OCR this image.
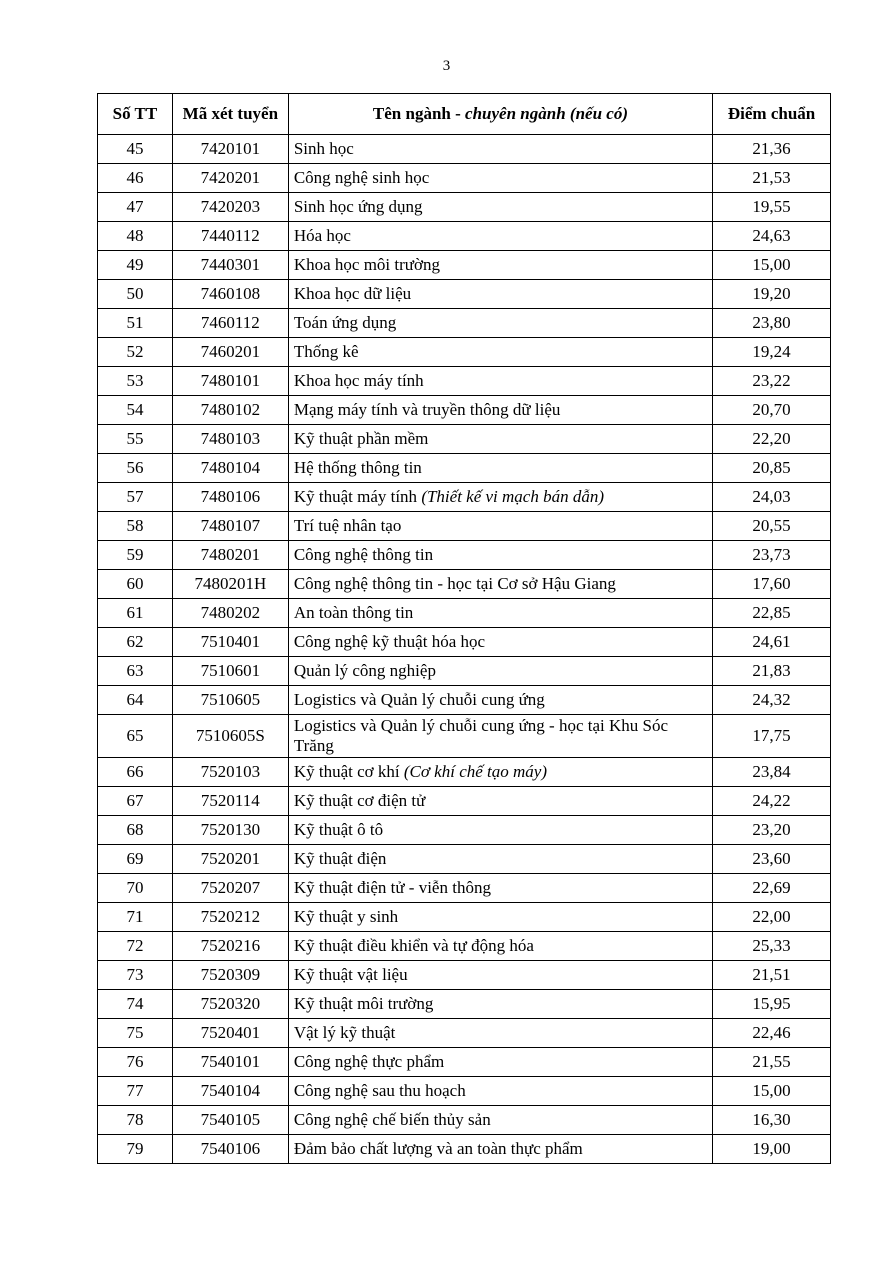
3
Số TT	Mã xét tuyển	Tên ngành - chuyên ngành (nếu có)	Điểm chuẩn
45	7420101	Sinh học	21,36
46	7420201	Công nghệ sinh học	21,53
47	7420203	Sinh học ứng dụng	19,55
48	7440112	Hóa học	24,63
49	7440301	Khoa học môi trường	15,00
50	7460108	Khoa học dữ liệu	19,20
51	7460112	Toán ứng dụng	23,80
52	7460201	Thống kê	19,24
53	7480101	Khoa học máy tính	23,22
54	7480102	Mạng máy tính và truyền thông dữ liệu	20,70
55	7480103	Kỹ thuật phần mềm	22,20
56	7480104	Hệ thống thông tin	20,85
57	7480106	Kỹ thuật máy tính (Thiết kế vi mạch bán dẫn)	24,03
58	7480107	Trí tuệ nhân tạo	20,55
59	7480201	Công nghệ thông tin	23,73
60	7480201H	Công nghệ thông tin - học tại Cơ sở Hậu Giang	17,60
61	7480202	An toàn thông tin	22,85
62	7510401	Công nghệ kỹ thuật hóa học	24,61
63	7510601	Quản lý công nghiệp	21,83
64	7510605	Logistics và Quản lý chuỗi cung ứng	24,32
65	7510605S	Logistics và Quản lý chuỗi cung ứng - học tại Khu Sóc Trăng	17,75
66	7520103	Kỹ thuật cơ khí (Cơ khí chế tạo máy)	23,84
67	7520114	Kỹ thuật cơ điện tử	24,22
68	7520130	Kỹ thuật ô tô	23,20
69	7520201	Kỹ thuật điện	23,60
70	7520207	Kỹ thuật điện tử - viễn thông	22,69
71	7520212	Kỹ thuật y sinh	22,00
72	7520216	Kỹ thuật điều khiển và tự động hóa	25,33
73	7520309	Kỹ thuật vật liệu	21,51
74	7520320	Kỹ thuật môi trường	15,95
75	7520401	Vật lý kỹ thuật	22,46
76	7540101	Công nghệ thực phẩm	21,55
77	7540104	Công nghệ sau thu hoạch	15,00
78	7540105	Công nghệ chế biến thủy sản	16,30
79	7540106	Đảm bảo chất lượng và an toàn thực phẩm	19,00
